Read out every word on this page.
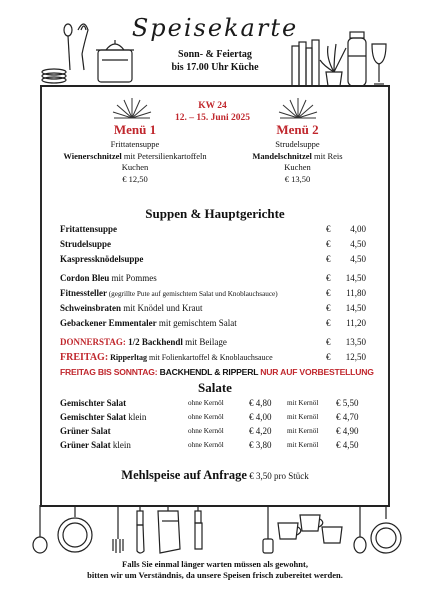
Speisekarte
Sonn- & Feiertag
bis 17.00 Uhr Küche
KW 24
12. – 15. Juni 2025
Menü 1
Frittatensuppe
Wienerschnitzel mit Petersilienkartoffeln
Kuchen
€ 12,50
Menü 2
Strudelsuppe
Mandelschnitzel mit Reis
Kuchen
€ 13,50
Suppen & Hauptgerichte
Fritattensuppe	€ 4,00
Strudelsuppe	€ 4,50
Kaspressknödelsuppe	€ 4,50
Cordon Bleu mit Pommes	€ 14,50
Fitnessteller (gegrillte Pute auf gemischtem Salat und Knoblauchsauce)	€ 11,80
Schweinsbraten mit Knödel und Kraut	€ 14,50
Gebackener Emmentaler mit gemischtem Salat	€ 11,20
DONNERSTAG: 1/2 Backhendl mit Beilage	€ 13,50
FREITAG: Ripperltag mit Folienkartoffel & Knoblauchsauce	€ 12,50
FREITAG BIS SONNTAG: BACKHENDL & RIPPERL NUR AUF VORBESTELLUNG
Salate
Gemischter Salat	ohne Kernöl	€ 4,80 mit Kernöl € 5,50
Gemischter Salat klein	ohne Kernöl	€ 4,00 mit Kernöl € 4,70
Grüner Salat	ohne Kernöl	€ 4,20 mit Kernöl € 4,90
Grüner Salat klein	ohne Kernöl	€ 3,80 mit Kernöl € 4,50
Mehlspeise auf Anfrage € 3,50 pro Stück
Falls Sie einmal länger warten müssen als gewohnt,
bitten wir um Verständnis, da unsere Speisen frisch zubereitet werden.
